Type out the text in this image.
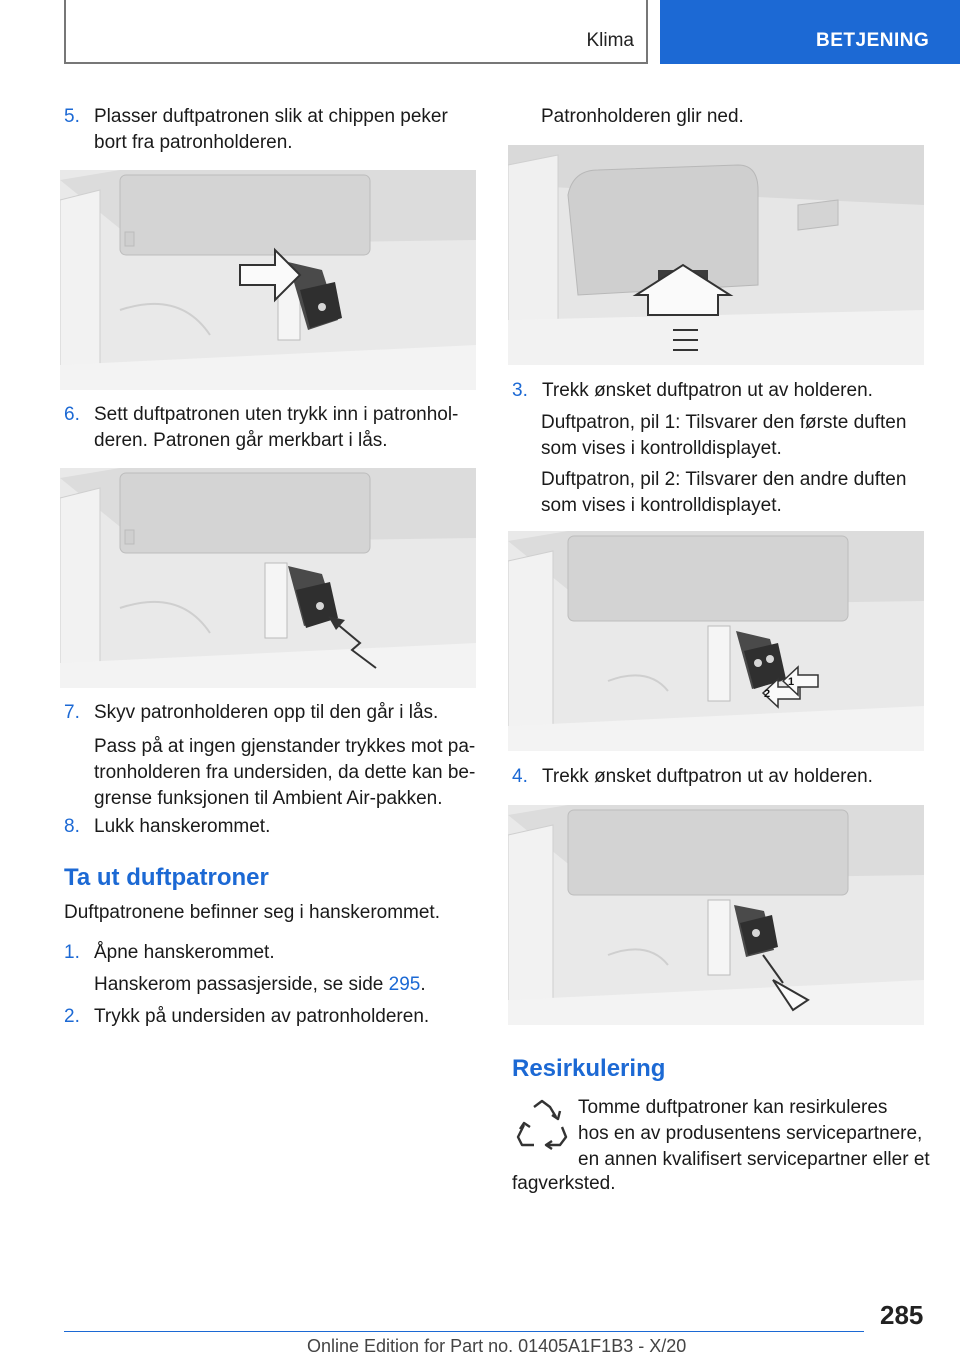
Klima	BETJENING
5. Plasser duftpatronen slik at chippen peker
bort fra patronholderen.
6. Sett duftpatronen uten trykk inn i patronhol-
deren. Patronen går merkbart i lås.
7. Skyv patronholderen opp til den går i lås.
Pass på at ingen gjenstander trykkes mot pa-
tronholderen fra undersiden, da dette kan be-
grense funksjonen til Ambient Air-pakken.
8. Lukk hanskerommet.
Ta ut duftpatroner
Duftpatronene befinner seg i hanskerommet.
1. Åpne hanskerommet.
Hanskerom passasjerside, se side 295.
2. Trykk på undersiden av patronholderen.
Patronholderen glir ned.
3. Trekk ønsket duftpatron ut av holderen.
Duftpatron, pil 1: Tilsvarer den første duften
som vises i kontrolldisplayet.
Duftpatron, pil 2: Tilsvarer den andre duften
som vises i kontrolldisplayet.
2
1
4. Trekk ønsket duftpatron ut av holderen.
Resirkulering
Tomme duftpatroner kan resirkuleres
hos en av produsentens servicepartnere,
en annen kvalifisert servicepartner eller et
fagverksted.
285
Online Edition for Part no. 01405A1F1B3 - X/20
